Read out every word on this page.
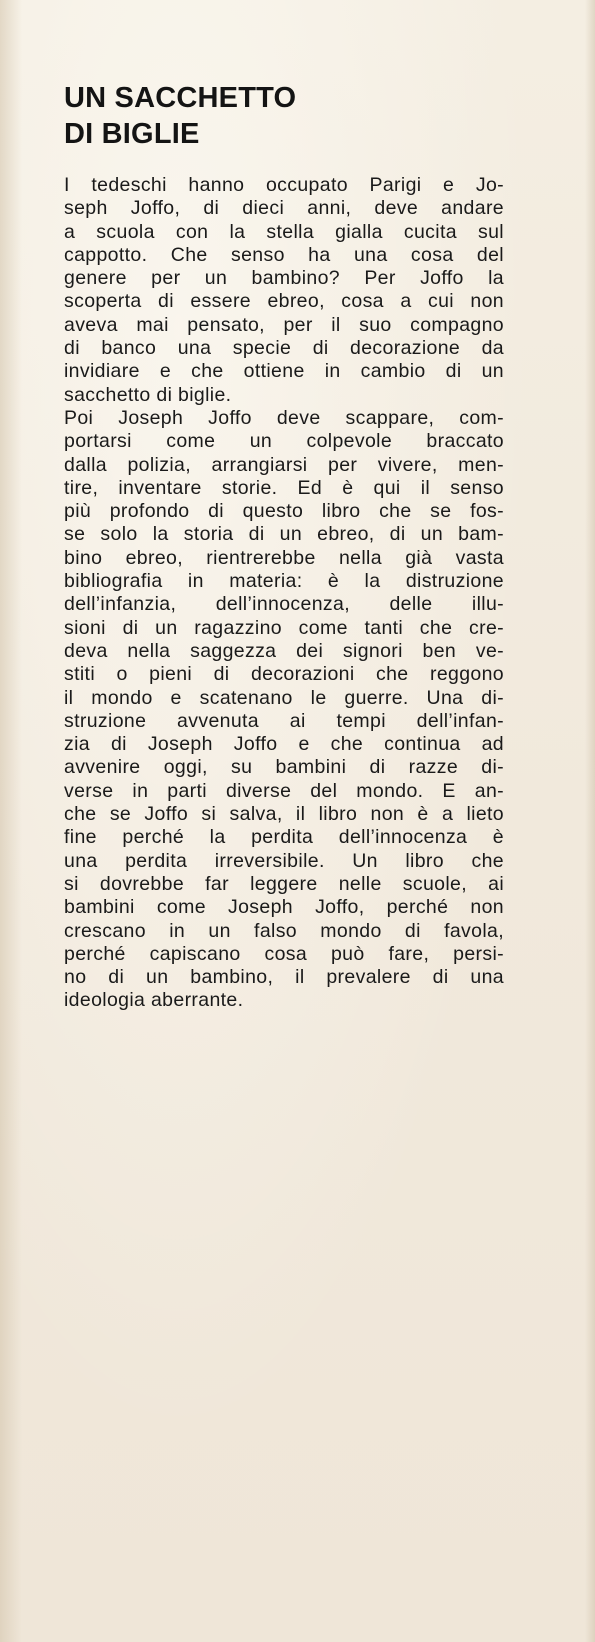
UN SACCHETTO
DI BIGLIE
I tedeschi hanno occupato Parigi e Jo-
seph Joffo, di dieci anni, deve andare
a scuola con la stella gialla cucita sul
cappotto. Che senso ha una cosa del
genere per un bambino? Per Joffo la
scoperta di essere ebreo, cosa a cui non
aveva mai pensato, per il suo compagno
di banco una specie di decorazione da
invidiare e che ottiene in cambio di un
sacchetto di biglie.
Poi Joseph Joffo deve scappare, com-
portarsi come un colpevole braccato
dalla polizia, arrangiarsi per vivere, men-
tire, inventare storie. Ed è qui il senso
più profondo di questo libro che se fos-
se solo la storia di un ebreo, di un bam-
bino ebreo, rientrerebbe nella già vasta
bibliografia in materia: è la distruzione
dell’infanzia, dell’innocenza, delle illu-
sioni di un ragazzino come tanti che cre-
deva nella saggezza dei signori ben ve-
stiti o pieni di decorazioni che reggono
il mondo e scatenano le guerre. Una di-
struzione avvenuta ai tempi dell’infan-
zia di Joseph Joffo e che continua ad
avvenire oggi, su bambini di razze di-
verse in parti diverse del mondo. E an-
che se Joffo si salva, il libro non è a lieto
fine perché la perdita dell’innocenza è
una perdita irreversibile. Un libro che
si dovrebbe far leggere nelle scuole, ai
bambini come Joseph Joffo, perché non
crescano in un falso mondo di favola,
perché capiscano cosa può fare, persi-
no di un bambino, il prevalere di una
ideologia aberrante.
